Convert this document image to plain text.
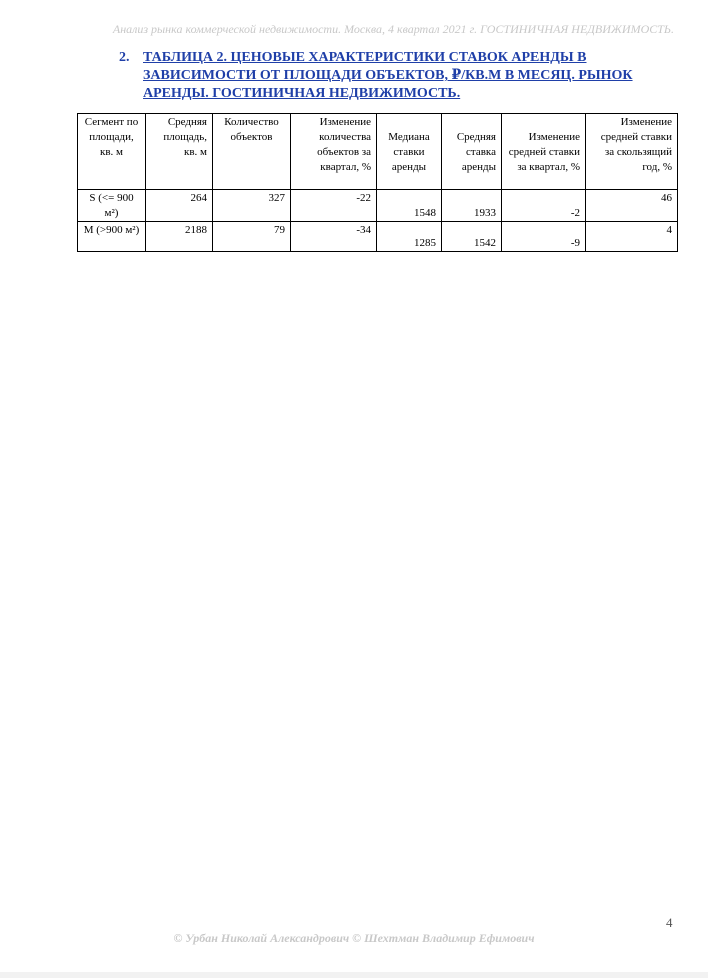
Анализ рынка коммерческой недвижимости. Москва, 4 квартал 2021 г. ГОСТИНИЧНАЯ НЕДВИЖИМОСТЬ.
2. ТАБЛИЦА 2. ЦЕНОВЫЕ ХАРАКТЕРИСТИКИ СТАВОК АРЕНДЫ В ЗАВИСИМОСТИ ОТ ПЛОЩАДИ ОБЪЕКТОВ, ₽/КВ.М В МЕСЯЦ. РЫНОК АРЕНДЫ. ГОСТИНИЧНАЯ НЕДВИЖИМОСТЬ.
Сегмент по площади, кв. м	Средняя площадь, кв. м	Количество объектов	Изменение количества объектов за квартал, %	Медиана ставки аренды	Средняя ставка аренды	Изменение средней ставки за квартал, %	Изменение средней ставки за скользящий год, %
S (<= 900 м²)	264	327	-22	1548	1933	-2	46
M (>900 м²)	2188	79	-34	1285	1542	-9	4
4
© Урбан Николай Александрович © Шехтман Владимир Ефимович
